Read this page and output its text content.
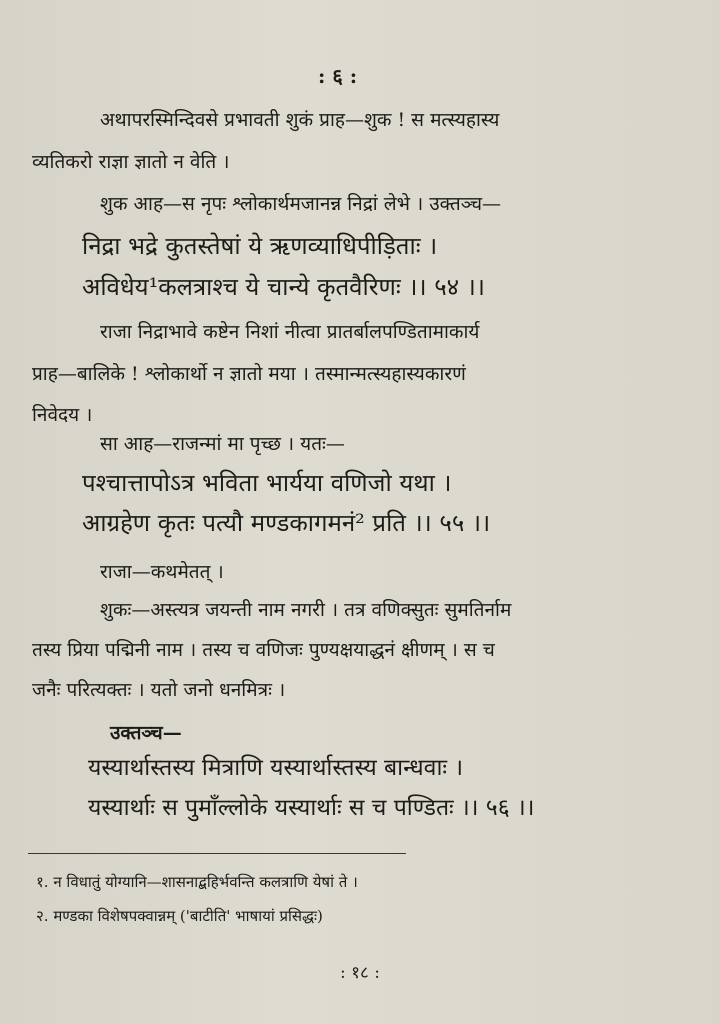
: ६ :
अथापरस्मिन्दिवसे प्रभावती शुकं प्राह—शुक ! स मत्स्यहास्य
व्यतिकरो राज्ञा ज्ञातो न वेति ।
शुक आह—स नृपः श्लोकार्थमजानन्न निद्रां लेभे । उक्तञ्च—
निद्रा भद्रे कुतस्तेषां ये ऋणव्याधिपीड़िताः ।
अविधेय¹कलत्राश्च ये चान्ये कृतवैरिणः ।। ५४ ।।
राजा निद्राभावे कष्टेन निशां नीत्वा प्रातर्बालपण्डितामाकार्य
प्राह—बालिके ! श्लोकार्थो न ज्ञातो मया । तस्मान्मत्स्यहास्यकारणं
निवेदय ।
सा आह—राजन्मां मा पृच्छ । यतः—
पश्चात्तापोऽत्र भविता भार्यया वणिजो यथा ।
आग्रहेण कृतः पत्यौ मण्डकागमनं² प्रति ।। ५५ ।।
राजा—कथमेतत् ।
शुकः—अस्त्यत्र जयन्ती नाम नगरी । तत्र वणिक्सुतः सुमतिर्नाम
तस्य प्रिया पद्मिनी नाम । तस्य च वणिजः पुण्यक्षयाद्धनं क्षीणम् । स च
जनैः परित्यक्तः । यतो जनो धनमित्रः ।
उक्तञ्च—
यस्यार्थास्तस्य मित्राणि यस्यार्थास्तस्य बान्धवाः ।
यस्यार्थाः स पुमाँल्लोके यस्यार्थाः स च पण्डितः ।। ५६ ।।
१. न विधातुं योग्यानि—शासनाद्बहिर्भवन्ति कलत्राणि येषां ते ।
२. मण्डका विशेषपक्वान्नम् ('बाटीति' भाषायां प्रसिद्धः)
: १८ :
